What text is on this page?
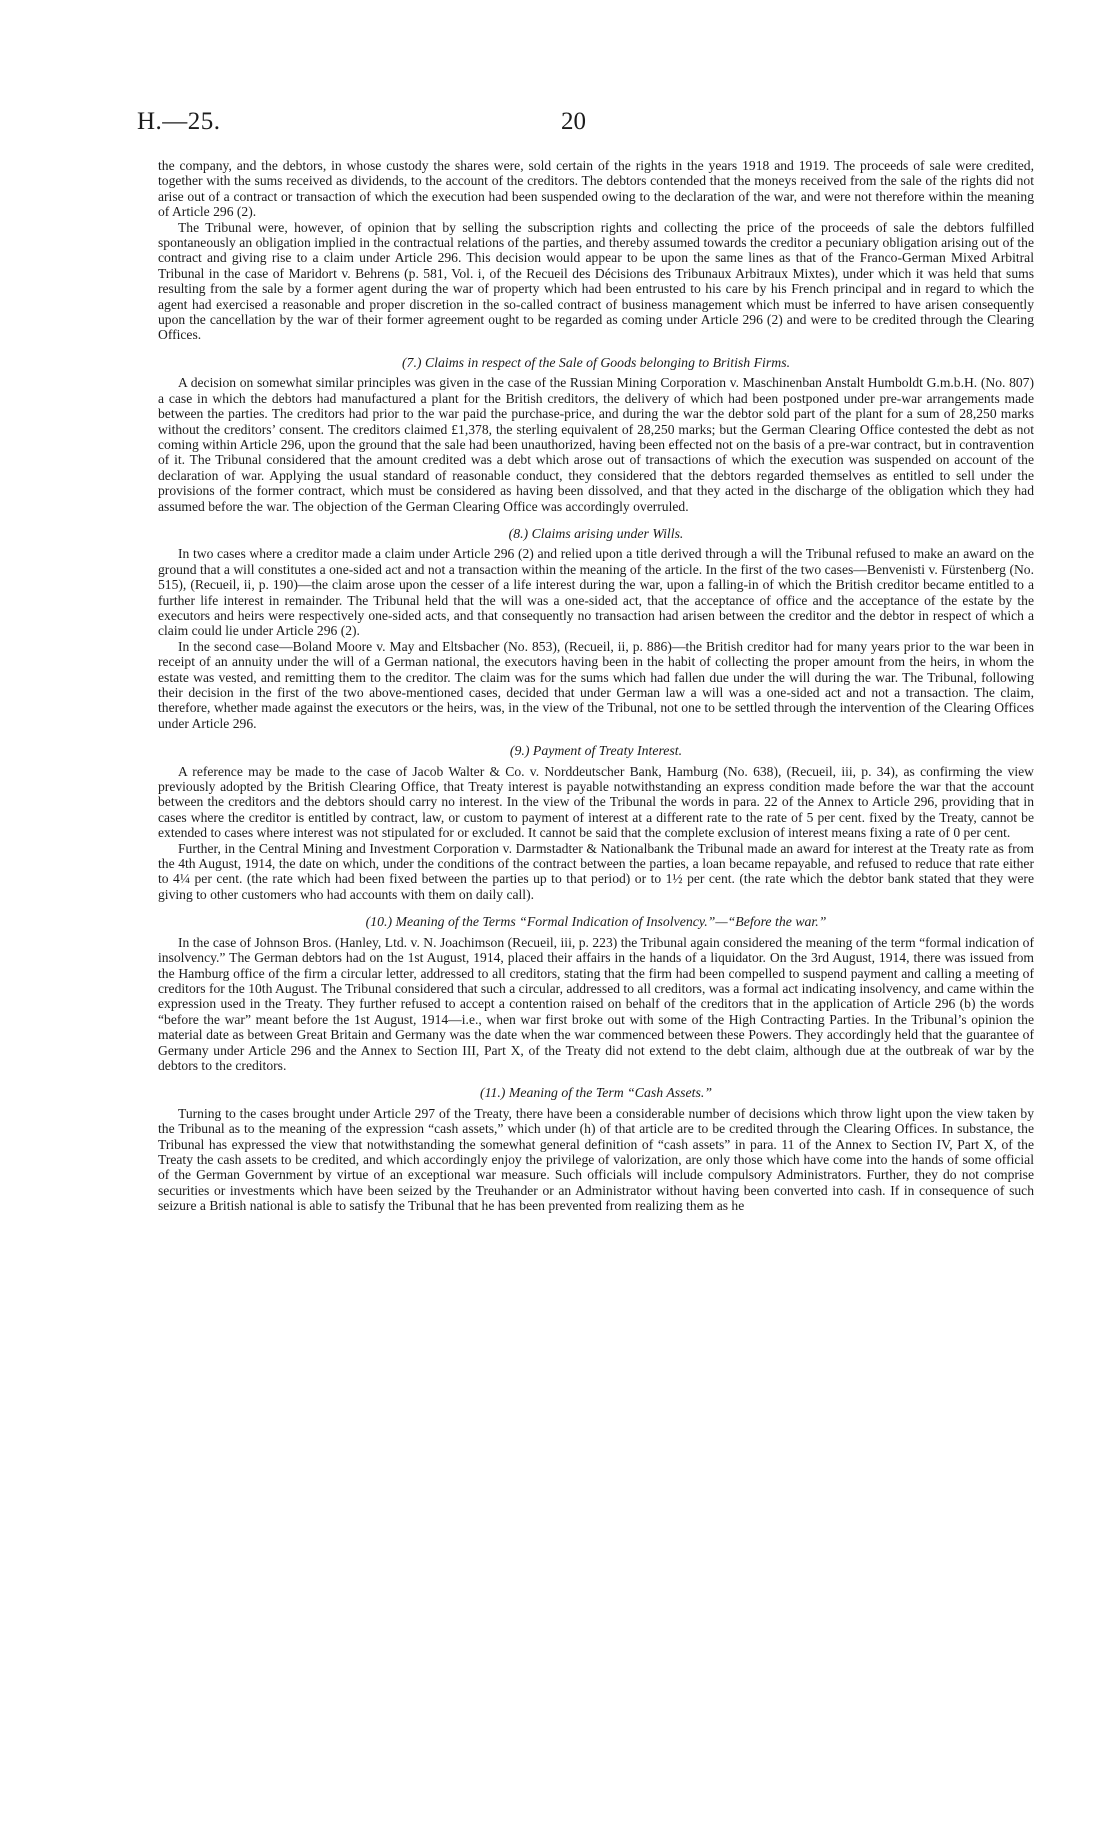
H.—25.	20

the company, and the debtors, in whose custody the shares were, sold certain of the rights in the years 1918 and 1919. The proceeds of sale were credited, together with the sums received as dividends, to the account of the creditors. The debtors contended that the moneys received from the sale of the rights did not arise out of a contract or transaction of which the execution had been suspended owing to the declaration of the war, and were not therefore within the meaning of Article 296 (2).

The Tribunal were, however, of opinion that by selling the subscription rights and collecting the price of the proceeds of sale the debtors fulfilled spontaneously an obligation implied in the contractual relations of the parties, and thereby assumed towards the creditor a pecuniary obligation arising out of the contract and giving rise to a claim under Article 296. This decision would appear to be upon the same lines as that of the Franco-German Mixed Arbitral Tribunal in the case of Maridort v. Behrens (p. 581, Vol. i, of the Recueil des Décisions des Tribunaux Arbitraux Mixtes), under which it was held that sums resulting from the sale by a former agent during the war of property which had been entrusted to his care by his French principal and in regard to which the agent had exercised a reasonable and proper discretion in the so-called contract of business management which must be inferred to have arisen consequently upon the cancellation by the war of their former agreement ought to be regarded as coming under Article 296 (2) and were to be credited through the Clearing Offices.

(7.) Claims in respect of the Sale of Goods belonging to British Firms.

A decision on somewhat similar principles was given in the case of the Russian Mining Corporation v. Maschinenban Anstalt Humboldt G.m.b.H. (No. 807) a case in which the debtors had manufactured a plant for the British creditors, the delivery of which had been postponed under pre-war arrangements made between the parties. The creditors had prior to the war paid the purchase-price, and during the war the debtor sold part of the plant for a sum of 28,250 marks without the creditors’ consent. The creditors claimed £1,378, the sterling equivalent of 28,250 marks; but the German Clearing Office contested the debt as not coming within Article 296, upon the ground that the sale had been unauthorized, having been effected not on the basis of a pre-war contract, but in contravention of it. The Tribunal considered that the amount credited was a debt which arose out of transactions of which the execution was suspended on account of the declaration of war. Applying the usual standard of reasonable conduct, they considered that the debtors regarded themselves as entitled to sell under the provisions of the former contract, which must be considered as having been dissolved, and that they acted in the discharge of the obligation which they had assumed before the war. The objection of the German Clearing Office was accordingly overruled.

(8.) Claims arising under Wills.

In two cases where a creditor made a claim under Article 296 (2) and relied upon a title derived through a will the Tribunal refused to make an award on the ground that a will constitutes a one-sided act and not a transaction within the meaning of the article. In the first of the two cases—Benvenisti v. Fürstenberg (No. 515), (Recueil, ii, p. 190)—the claim arose upon the cesser of a life interest during the war, upon a falling-in of which the British creditor became entitled to a further life interest in remainder. The Tribunal held that the will was a one-sided act, that the acceptance of office and the acceptance of the estate by the executors and heirs were respectively one-sided acts, and that consequently no transaction had arisen between the creditor and the debtor in respect of which a claim could lie under Article 296 (2).

In the second case—Boland Moore v. May and Eltsbacher (No. 853), (Recueil, ii, p. 886)—the British creditor had for many years prior to the war been in receipt of an annuity under the will of a German national, the executors having been in the habit of collecting the proper amount from the heirs, in whom the estate was vested, and remitting them to the creditor. The claim was for the sums which had fallen due under the will during the war. The Tribunal, following their decision in the first of the two above-mentioned cases, decided that under German law a will was a one-sided act and not a transaction. The claim, therefore, whether made against the executors or the heirs, was, in the view of the Tribunal, not one to be settled through the intervention of the Clearing Offices under Article 296.

(9.) Payment of Treaty Interest.

A reference may be made to the case of Jacob Walter & Co. v. Norddeutscher Bank, Hamburg (No. 638), (Recueil, iii, p. 34), as confirming the view previously adopted by the British Clearing Office, that Treaty interest is payable notwithstanding an express condition made before the war that the account between the creditors and the debtors should carry no interest. In the view of the Tribunal the words in para. 22 of the Annex to Article 296, providing that in cases where the creditor is entitled by contract, law, or custom to payment of interest at a different rate to the rate of 5 per cent. fixed by the Treaty, cannot be extended to cases where interest was not stipulated for or excluded. It cannot be said that the complete exclusion of interest means fixing a rate of 0 per cent.

Further, in the Central Mining and Investment Corporation v. Darmstadter & Nationalbank the Tribunal made an award for interest at the Treaty rate as from the 4th August, 1914, the date on which, under the conditions of the contract between the parties, a loan became repayable, and refused to reduce that rate either to 4¼ per cent. (the rate which had been fixed between the parties up to that period) or to 1½ per cent. (the rate which the debtor bank stated that they were giving to other customers who had accounts with them on daily call).

(10.) Meaning of the Terms “Formal Indication of Insolvency.”—“Before the war.”

In the case of Johnson Bros. (Hanley, Ltd. v. N. Joachimson (Recueil, iii, p. 223) the Tribunal again considered the meaning of the term “formal indication of insolvency.” The German debtors had on the 1st August, 1914, placed their affairs in the hands of a liquidator. On the 3rd August, 1914, there was issued from the Hamburg office of the firm a circular letter, addressed to all creditors, stating that the firm had been compelled to suspend payment and calling a meeting of creditors for the 10th August. The Tribunal considered that such a circular, addressed to all creditors, was a formal act indicating insolvency, and came within the expression used in the Treaty. They further refused to accept a contention raised on behalf of the creditors that in the application of Article 296 (b) the words “before the war” meant before the 1st August, 1914—i.e., when war first broke out with some of the High Contracting Parties. In the Tribunal’s opinion the material date as between Great Britain and Germany was the date when the war commenced between these Powers. They accordingly held that the guarantee of Germany under Article 296 and the Annex to Section III, Part X, of the Treaty did not extend to the debt claim, although due at the outbreak of war by the debtors to the creditors.

(11.) Meaning of the Term “Cash Assets.”

Turning to the cases brought under Article 297 of the Treaty, there have been a considerable number of decisions which throw light upon the view taken by the Tribunal as to the meaning of the expression “cash assets,” which under (h) of that article are to be credited through the Clearing Offices. In substance, the Tribunal has expressed the view that notwithstanding the somewhat general definition of “cash assets” in para. 11 of the Annex to Section IV, Part X, of the Treaty the cash assets to be credited, and which accordingly enjoy the privilege of valorization, are only those which have come into the hands of some official of the German Government by virtue of an exceptional war measure. Such officials will include compulsory Administrators. Further, they do not comprise securities or investments which have been seized by the Treuhander or an Administrator without having been converted into cash. If in consequence of such seizure a British national is able to satisfy the Tribunal that he has been prevented from realizing them as he
